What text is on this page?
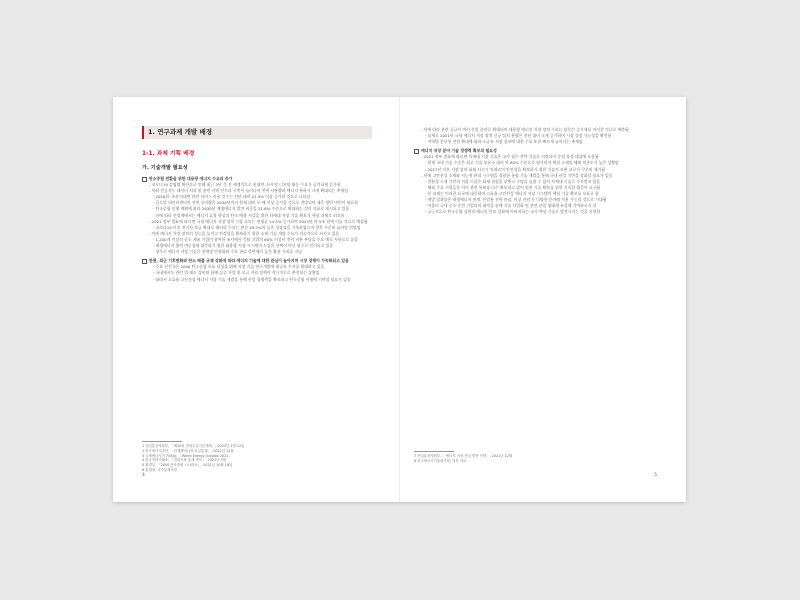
1. 연구과제 개발 배경
1-1. 과제 기획 배경
가. 기술개발 필요성
탄소중립 전환을 위한 대용량 에너지 수요의 증가
- 코로나19 감염병 확산으로 인해 최근 3년 간 전 세계적으로 비대면 소비 및 디지털 활동 수요가 급격하게 증가함
- 특히 인공지능 데이터 처리 및 관련 서버 인프라 구축이 늘어나며 전력 사용량과 에너지 부하가 크게 확대되는 추세임
· 2020년 국내 비대면 관련 서비스 이용 건수는 전년 대비 21.9% 이상 증가한 것으로 나타남
· 글로벌 데이터센터의 전력 소비량은 2030년까지 현재 대비 두 배 이상 증가할 것으로 전망되며 대응 방안 마련이 필요함
· 탄소중립 이행 계획에 따라 2030년 재생에너지 발전 비중을 21.6% 수준으로 확대하는 것이 목표로 제시되고 있음
· 이에 따라 산업계에서는 에너지 효율 향상과 탄소 배출 저감을 위한 차세대 저장 기술 확보가 핵심 과제로 떠오름
- 2021 정부 발표에 따르면 국내 에너지 저장 장치 시장 규모는 연평균 14.3% 증가하여 2025년 약 5조 원에 이를 것으로 예상됨
· 코로나19 이후 전기차 보급 확대로 배터리 수요는 연간 49.3%의 높은 성장률을 기록하였으며 향후 꾸준히 늘어날 전망임
- 이에 에너지 저장 장치의 성능을 높이고 안정성을 확보하기 위한 소재 기술 개발 수요가 지속적으로 커지고 있음
· 1,200개 이상의 중소 제조 기업이 참여한 조사에서 응답 기업의 60% 이상이 전력 비용 부담을 주요 애로 사항으로 꼽음
· 재생에너지 출력 변동성에 대응하기 위한 대용량 저장 시스템의 도입은 선택이 아닌 필수로 인식되고 있음
· 장주기 에너지 저장 기술은 전력망 안정화와 수요 관리 측면에서 높은 활용 가치를 지님
한편, 최근 기후변화와 탄소 배출 규제 강화에 따라 에너지 기술에 대한 관심이 높아지며 시장 경쟁이 가속화되고 있음
· 주요 선진국은 2050 탄소중립 목표 달성을 위해 저장 기술 연구개발에 대규모 투자를 확대하고 있음
· 국내에서도 관련 법·제도 정비와 함께 실증 사업 및 보급 지원 정책이 적극적으로 추진되는 상황임
· 따라서 고효율·고안전성 에너지 저장 기술 개발을 통해 산업 경쟁력을 확보하고 탄소중립 이행에 기여할 필요가 있음
1 산업통상자원부, 「제10차 전력수급기본계획」, 2023년 1월 12일
2 한국에너지공단, 「신재생에너지 보급통계」, 2022년 11월
3 국제에너지기구(IEA), 「World Energy Outlook 2022」
4 한국전력거래소, 「전력시장 통계 연보」, 2022년 5월
5 환경부, 「2050 탄소중립 시나리오」, 2021년 10월 18일
6 통계청, 국가통계포털
4
- 이에 따라 관련 공급이 여러 산업 분야로 확대되며 대용량 에너지 저장 장치 수요는 당분간 증가세를 이어갈 것으로 예측됨
· 실제로 2021년 국내 에너지 저장 장치 신규 설치 용량은 전년 대비 크게 증가하여 시장 성장 가능성을 확인함
· 지역별 분산형 전원 확대에 따라 소규모 저장 설비에 대한 수요 또한 빠르게 늘어나는 추세임
에너지 저장 분야 기술 경쟁력 확보의 필요성
- 2021 정부 발표에 따르면 차세대 저장 기술은 국가 필수 전략 기술로 지정되어 중점 육성 대상에 포함됨
· 현재 국내 기술 수준은 최고 기술 보유국 대비 약 80% 수준으로 평가되어 핵심 소재의 해외 의존도가 높은 상황임
· 2017년 이후 저장 장치 화재 사고가 잇따르며 안전성을 확보하기 위한 기술적 보완 요구가 꾸준히 제기됨
- 이에 고안전성 소재와 지능형 관리 시스템을 결합한 통합 기술 개발을 통해 국내 산업 기반을 강화할 필요가 있음
· 친환경 소재 기반의 저장 기술은 화재 위험을 낮추고 수명을 늘릴 수 있어 차세대 기술로 주목받고 있음
· 해외 주요 기업들은 이미 관련 특허를 다수 확보하고 있어 원천 기술 확보를 위한 신속한 대응이 요구됨
· 본 과제는 이러한 요구에 대응하여 고효율·고안전성 에너지 저장 시스템의 핵심 기술 확보를 목표로 함
· 개발 결과물은 재생에너지 연계, 산업용 전력 관리, 비상 전원 등 다양한 분야에 적용 가능할 것으로 기대됨
· 아울러 국내 중소·중견 기업과의 협력을 통해 기술 사업화 및 관련 산업 생태계 조성에 기여하고자 함
· 궁극적으로 탄소중립 실현과 에너지 안보 강화에 이바지하는 국가 핵심 기술로 발전시키는 것을 지향함
7 산업통상자원부, 「에너지 저장 산업 발전 전략」, 2021년 12월
8 한국에너지기술평가원, 내부 자료
5
